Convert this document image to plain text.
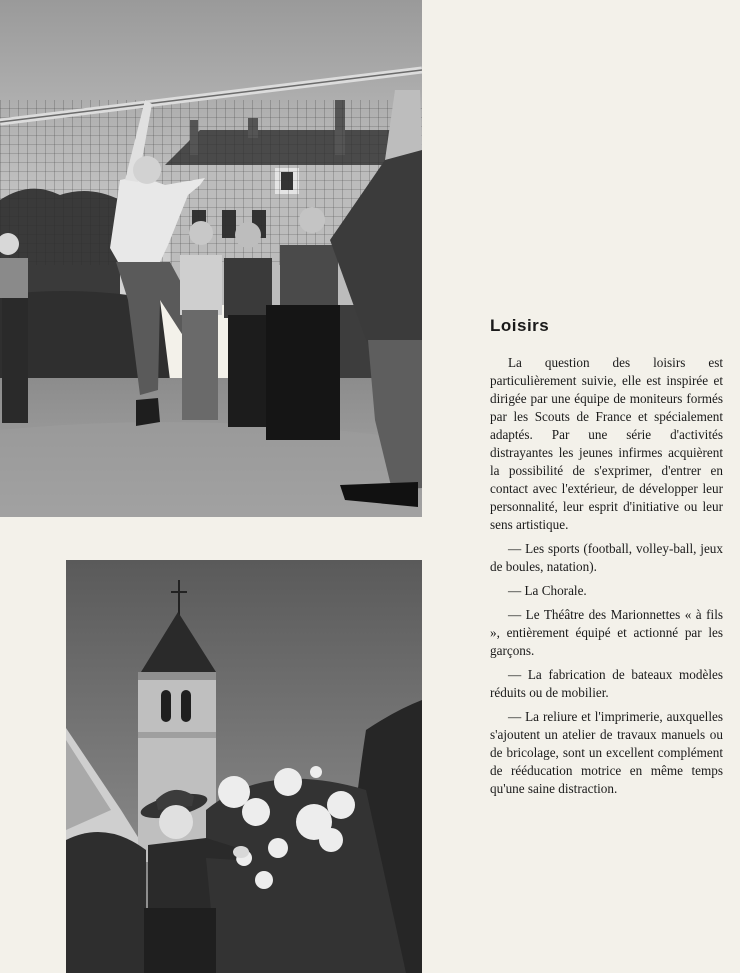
Loisirs

La question des loisirs est particulièrement suivie, elle est inspirée et dirigée par une équipe de moniteurs formés par les Scouts de France et spécialement adaptés. Par une série d'activités distrayantes les jeunes infirmes acquièrent la possibilité de s'exprimer, d'entrer en contact avec l'extérieur, de développer leur personnalité, leur esprit d'initiative ou leur sens artistique.

— Les sports (football, volley-ball, jeux de boules, natation).

— La Chorale.

— Le Théâtre des Marionnettes « à fils », entièrement équipé et actionné par les garçons.

— La fabrication de bateaux modèles réduits ou de mobilier.

— La reliure et l'imprimerie, auxquelles s'ajoutent un atelier de travaux manuels ou de bricolage, sont un excellent complément de rééducation motrice en même temps qu'une saine distraction.
